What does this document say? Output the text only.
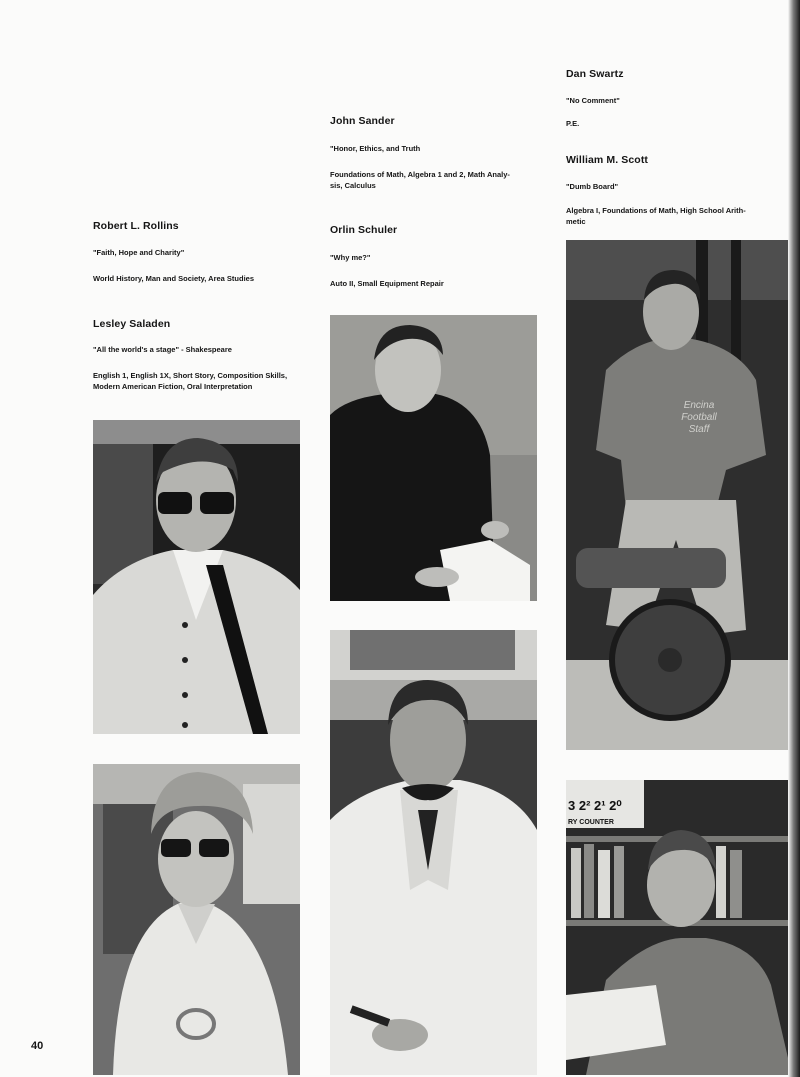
Robert L. Rollins
"Faith, Hope and Charity"
World History, Man and Society, Area Studies
Lesley Saladen
"All the world's a stage" - Shakespeare
English 1, English 1X, Short Story, Composition Skills,
Modern American Fiction, Oral Interpretation
John Sander
"Honor, Ethics, and Truth
Foundations of Math, Algebra 1 and 2, Math Analy-
sis, Calculus
Orlin Schuler
"Why me?"
Auto II, Small Equipment Repair
Dan Swartz
"No Comment"
P.E.
William M. Scott
"Dumb Board"
Algebra I, Foundations of Math, High School Arith-
metic
Encina
Football
Staff
3 2² 2¹ 2⁰
RY COUNTER
40
